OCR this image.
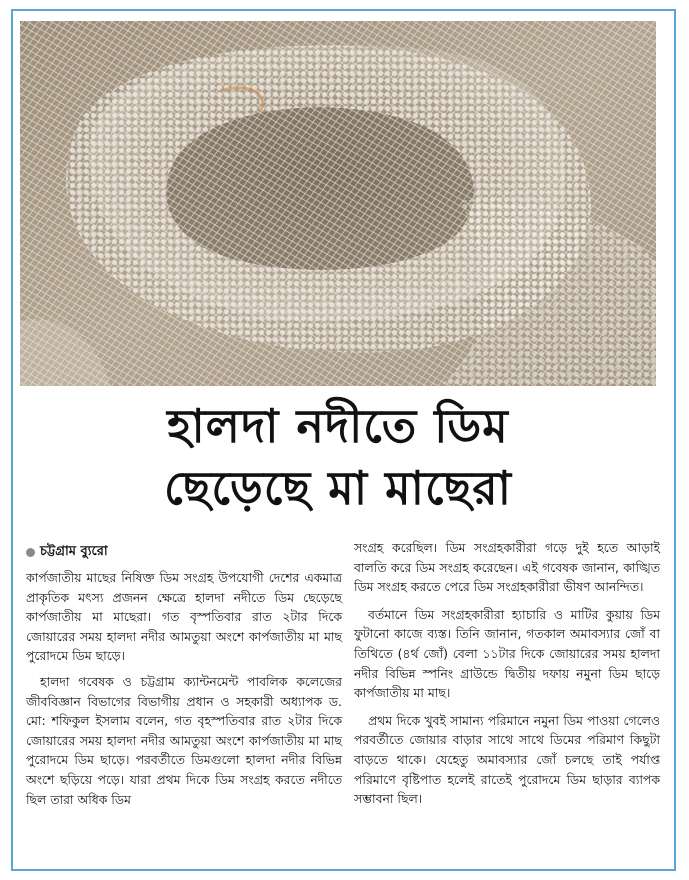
হালদা নদীতে ডিম
ছেড়েছে মা মাছেরা
চট্টগ্রাম ব্যুরো

কার্পজাতীয় মাছের নিষিক্ত ডিম সংগ্রহ উপযোগী দেশের একমাত্র প্রাকৃতিক মৎস্য প্রজনন ক্ষেত্রে হালদা নদীতে ডিম ছেড়েছে কার্পজাতীয় মা মাছেরা। গত বৃস্পতিবার রাত ২টার দিকে জোয়ারের সময় হালদা নদীর আমতুয়া অংশে কার্পজাতীয় মা মাছ পুরোদমে ডিম ছাড়ে।

হালদা গবেষক ও চট্টগ্রাম ক্যান্টনমেন্ট পাবলিক কলেজের জীববিজ্ঞান বিভাগের বিভাগীয় প্রধান ও সহকারী অধ্যাপক ড. মো: শফিকুল ইসলাম বলেন, গত বৃহস্পতিবার রাত ২টার দিকে জোয়ারের সময় হালদা নদীর আমতুয়া অংশে কার্পজাতীয় মা মাছ পুরোদমে ডিম ছাড়ে। পরবর্তীতে ডিমগুলো হালদা নদীর বিভিন্ন অংশে ছড়িয়ে পড়ে। যারা প্রথম দিকে ডিম সংগ্রহ করতে নদীতে ছিল তারা অধিক ডিম

সংগ্রহ করেছিল। ডিম সংগ্রহকারীরা গড়ে দুই হতে আড়াই বালতি করে ডিম সংগ্রহ করেছেন। এই গবেষক জানান, কাঙ্খিত ডিম সংগ্রহ করতে পেরে ডিম সংগ্রহকারীরা ভীষণ আনন্দিত।

বর্তমানে ডিম সংগ্রহকারীরা হ্যাচারি ও মাটির কুয়ায় ডিম ফুটানো কাজে ব্যস্ত। তিনি জানান, গতকাল অমাবস্যার জোঁ বা তিথিতে (৪র্থ জোঁ) বেলা ১১টার দিকে জোয়ারের সময় হালদা নদীর বিভিন্ন স্পনিং গ্রাউন্ডে দ্বিতীয় দফায় নমুনা ডিম ছাড়ে কার্পজাতীয় মা মাছ।

প্রথম দিকে খুবই সামান্য পরিমানে নমুনা ডিম পাওয়া গেলেও পরবর্তীতে জোয়ার বাড়ার সাথে সাথে ডিমের পরিমাণ কিছুটা বাড়তে থাকে। যেহেতু অমাবস্যার জোঁ চলছে তাই পর্যাপ্ত পরিমাণে বৃষ্টিপাত হলেই রাতেই পুরোদমে ডিম ছাড়ার ব্যাপক সম্ভাবনা ছিল।
